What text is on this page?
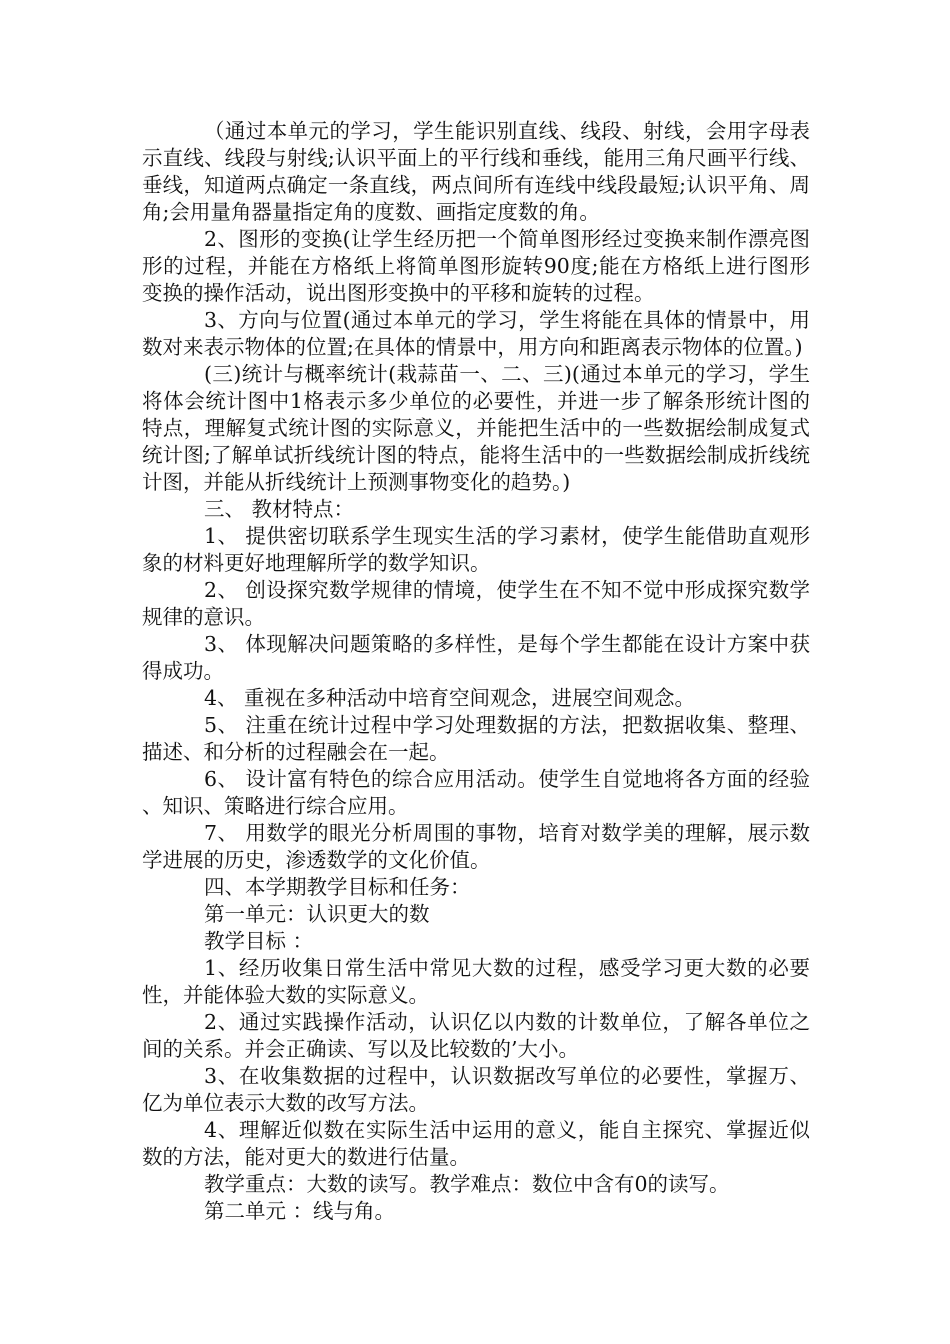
（通过本单元的学习，学生能识别直线、线段、射线，会用字母表示直线、线段与射线;认识平面上的平行线和垂线，能用三角尺画平行线、垂线，知道两点确定一条直线，两点间所有连线中线段最短;认识平角、周角;会用量角器量指定角的度数、画指定度数的角。

2、图形的变换(让学生经历把一个简单图形经过变换来制作漂亮图形的过程，并能在方格纸上将简单图形旋转90度;能在方格纸上进行图形变换的操作活动，说出图形变换中的平移和旋转的过程。

3、方向与位置(通过本单元的学习，学生将能在具体的情景中，用数对来表示物体的位置;在具体的情景中，用方向和距离表示物体的位置。)

(三)统计与概率统计(栽蒜苗一、二、三)(通过本单元的学习，学生将体会统计图中1格表示多少单位的必要性，并进一步了解条形统计图的特点，理解复式统计图的实际意义，并能把生活中的一些数据绘制成复式统计图;了解单试折线统计图的特点，能将生活中的一些数据绘制成折线统计图，并能从折线统计上预测事物变化的趋势。)

三、 教材特点：

1、 提供密切联系学生现实生活的学习素材，使学生能借助直观形象的材料更好地理解所学的数学知识。

2、 创设探究数学规律的情境，使学生在不知不觉中形成探究数学规律的意识。

3、 体现解决问题策略的多样性，是每个学生都能在设计方案中获得成功。

4、 重视在多种活动中培育空间观念，进展空间观念。

5、 注重在统计过程中学习处理数据的方法，把数据收集、整理、描述、和分析的过程融会在一起。

6、 设计富有特色的综合应用活动。使学生自觉地将各方面的经验、知识、策略进行综合应用。

7、 用数学的眼光分析周围的事物，培育对数学美的理解，展示数学进展的历史，渗透数学的文化价值。

四、本学期教学目标和任务：

第一单元：认识更大的数

教学目标 ：

1、经历收集日常生活中常见大数的过程，感受学习更大数的必要性，并能体验大数的实际意义。

2、通过实践操作活动，认识亿以内数的计数单位，了解各单位之间的关系。并会正确读、写以及比较数的’大小。

3、在收集数据的过程中，认识数据改写单位的必要性，掌握万、亿为单位表示大数的改写方法。

4、理解近似数在实际生活中运用的意义，能自主探究、掌握近似数的方法，能对更大的数进行估量。

教学重点：大数的读写。教学难点：数位中含有0的读写。

第二单元 ：线与角。
